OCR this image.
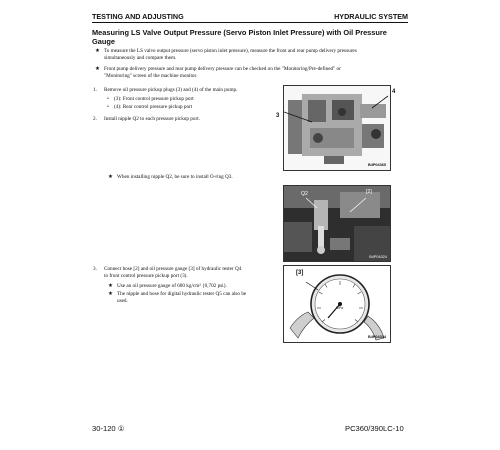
TESTING AND ADJUSTING	HYDRAULIC SYSTEM
Measuring LS Valve Output Pressure (Servo Piston Inlet Pressure) with Oil Pressure
Gauge
★ To measure the LS valve output pressure (servo piston inlet pressure), measure the front and rear pump delivery pressures
simultaneously and compare them.
★ Front pump delivery pressure and rear pump delivery pressure can be checked on the "Monitoring/Pre-defined" or
"Monitoring" screen of the machine monitor.
1. Remove oil pressure pickup plugs (3) and (4) of the main pump.
• (3): Front control pressure pickup port
• (4): Rear control pressure pickup port
2. Install nipple Q2 to each pressure pickup port.
B4P04365
3
4
★ When installing nipple Q2, be sure to install O-ring Q3.
Q2	[2]
B4P04324
3. Connect hose [2] and oil pressure gauge [3] of hydraulic tester Q4
to front control pressure pickup port (3).
★ Use an oil pressure gauge of 600 kg/cm² {0,702 psi}.
★ The nipple and hose for digital hydraulic tester Q5 can also be
used.
MPa
B4P04334
[3]
30-120 ①	PC360/390LC-10
